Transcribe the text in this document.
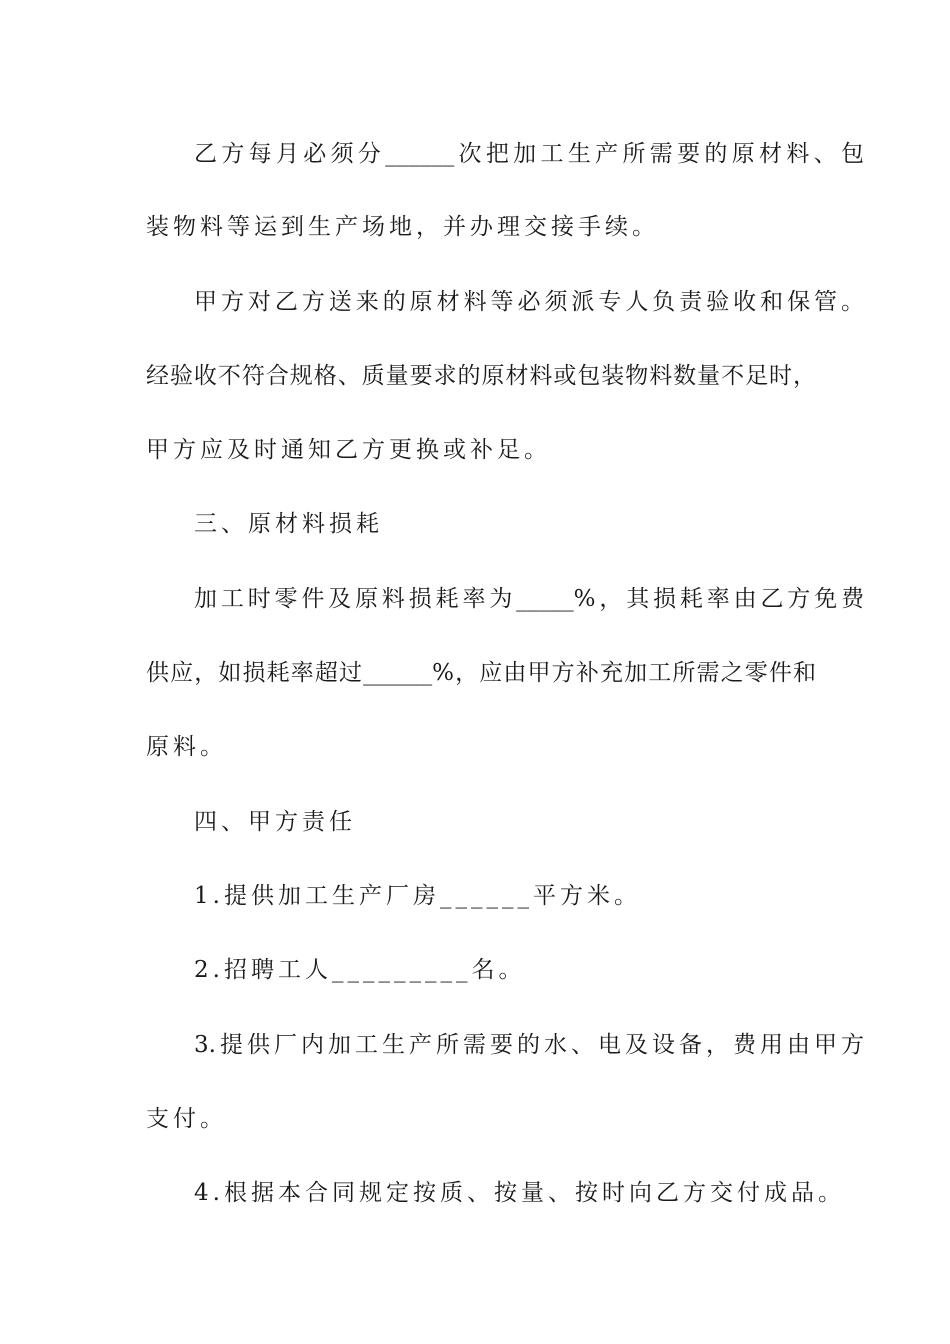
乙方每月必须分______次把加工生产所需要的原材料、包
装物料等运到生产场地，并办理交接手续。
甲方对乙方送来的原材料等必须派专人负责验收和保管。
经验收不符合规格、质量要求的原材料或包装物料数量不足时，
甲方应及时通知乙方更换或补足。
三、原材料损耗
加工时零件及原料损耗率为_____%，其损耗率由乙方免费
供应，如损耗率超过______%，应由甲方补充加工所需之零件和
原料。
四、甲方责任
1.提供加工生产厂房______平方米。
2.招聘工人_________名。
3.提供厂内加工生产所需要的水、电及设备，费用由甲方
支付。
4.根据本合同规定按质、按量、按时向乙方交付成品。
